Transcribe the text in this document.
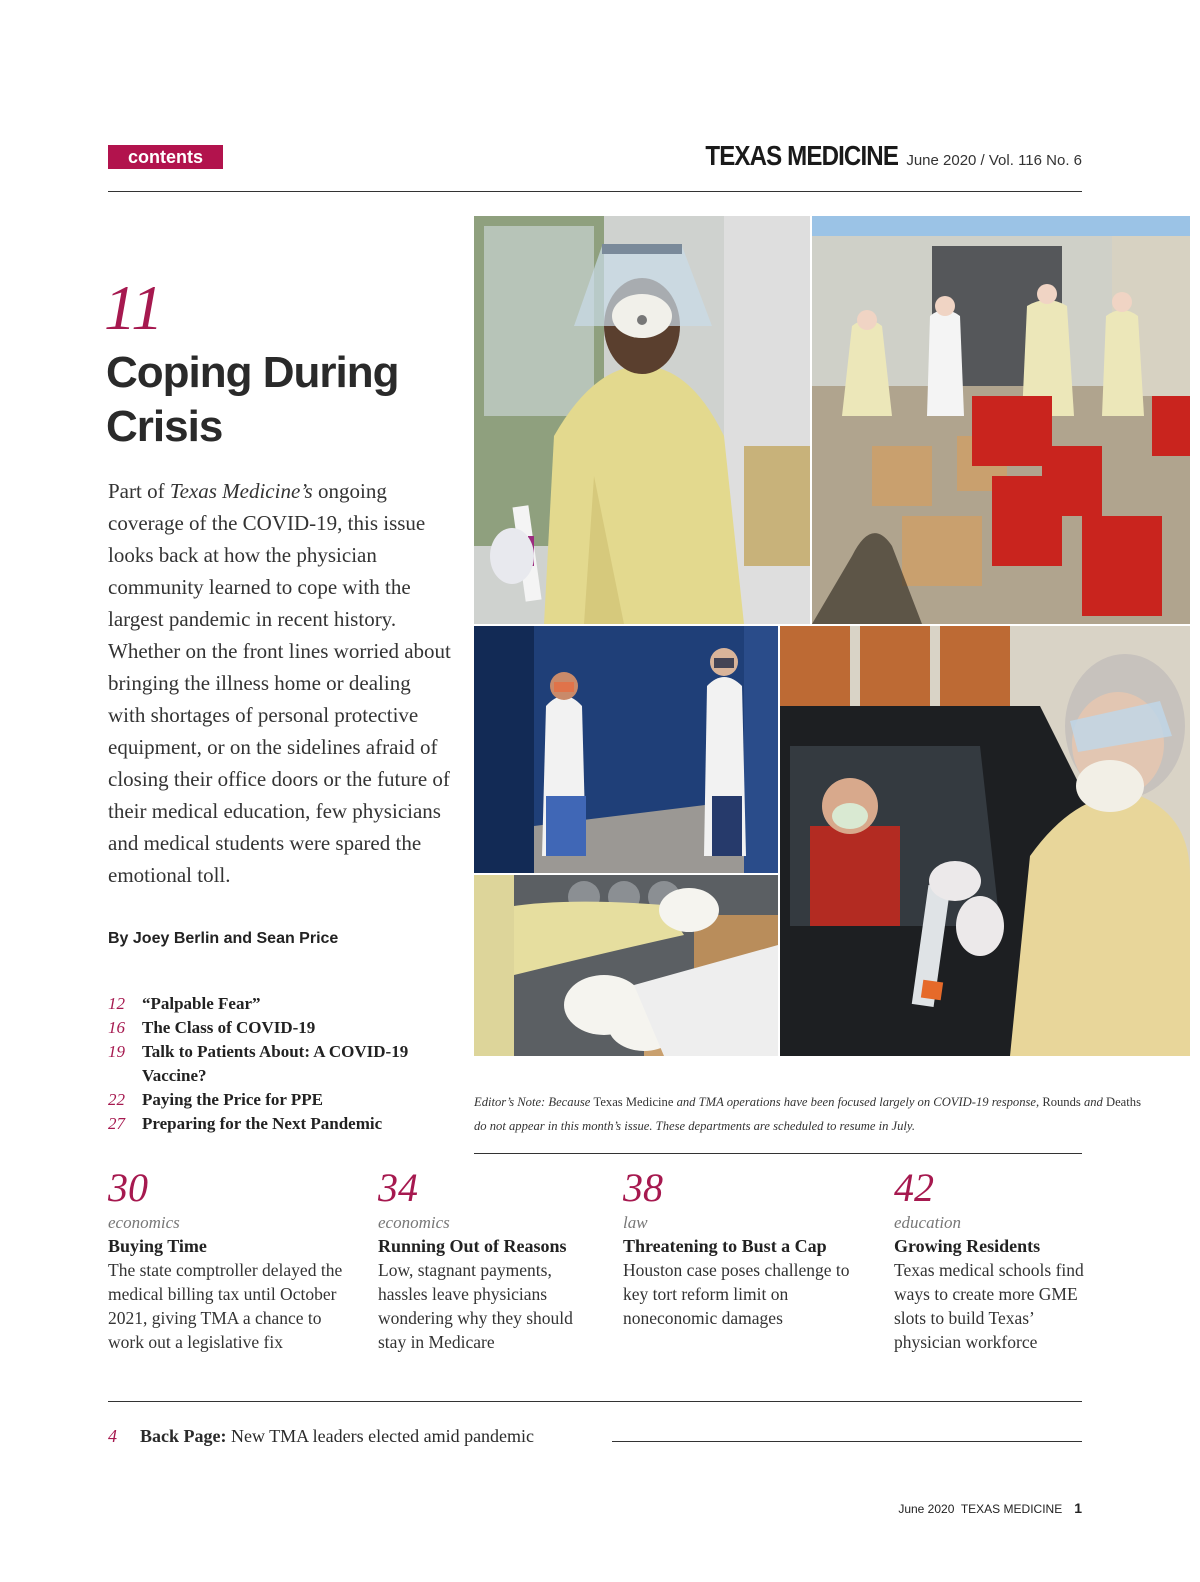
contents	TEXAS MEDICINE June 2020 / Vol. 116 No. 6
11
Coping During Crisis
Part of Texas Medicine’s ongoing coverage of the COVID-19, this issue looks back at how the physician community learned to cope with the largest pandemic in recent history. Whether on the front lines worried about bringing the illness home or dealing with shortages of personal protective equipment, or on the sidelines afraid of closing their office doors or the future of their medical education, few physicians and medical students were spared the emotional toll.
By Joey Berlin and Sean Price
12	“Palpable Fear”
16	The Class of COVID-19
19	Talk to Patients About: A COVID-19 Vaccine?
22	Paying the Price for PPE
27	Preparing for the Next Pandemic
Editor’s Note: Because Texas Medicine and TMA operations have been focused largely on COVID-19 response, Rounds and Deaths do not appear in this month’s issue. These departments are scheduled to resume in July.
30
economics
Buying Time
The state comptroller delayed the medical billing tax until October 2021, giving TMA a chance to work out a legislative fix
34
economics
Running Out of Reasons
Low, stagnant payments, hassles leave physicians wondering why they should stay in Medicare
38
law
Threatening to Bust a Cap
Houston case poses challenge to key tort reform limit on noneconomic damages
42
education
Growing Residents
Texas medical schools find ways to create more GME slots to build Texas’ physician workforce
4	Back Page: New TMA leaders elected amid pandemic
June 2020 TEXAS MEDICINE 1
